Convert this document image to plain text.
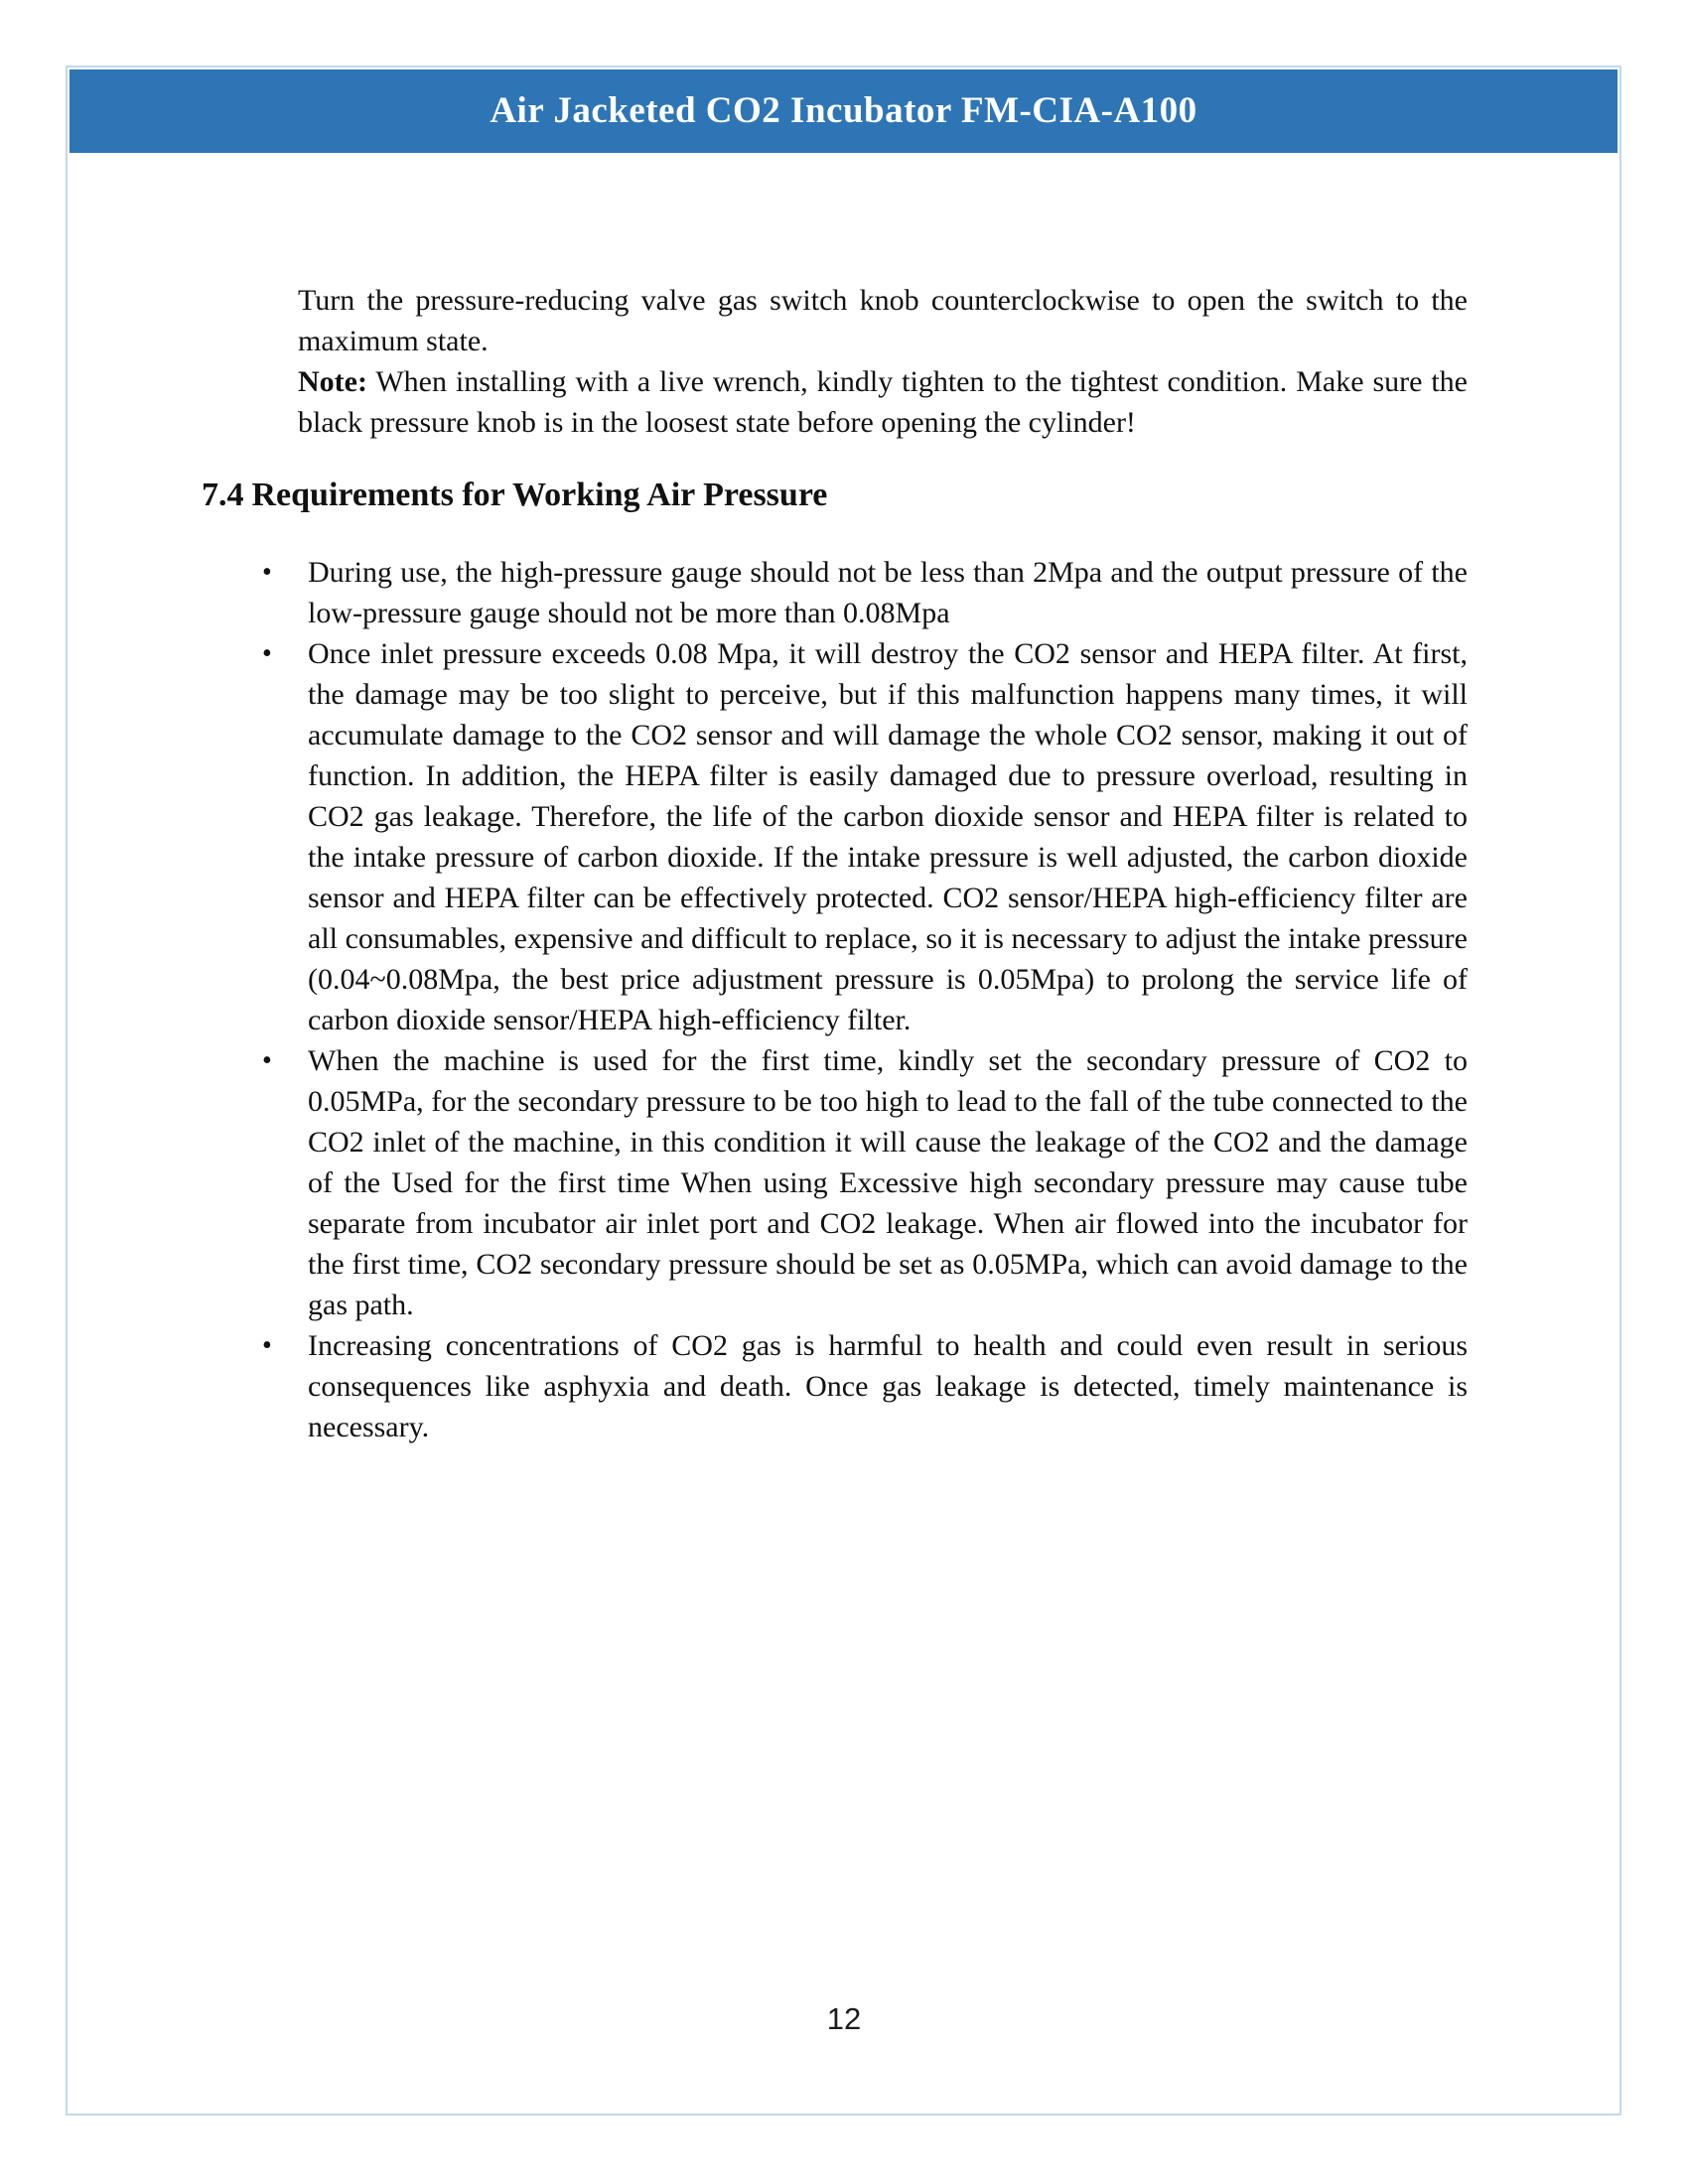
Air Jacketed CO2 Incubator FM-CIA-A100

Turn the pressure-reducing valve gas switch knob counterclockwise to open the switch to the maximum state.

Note: When installing with a live wrench, kindly tighten to the tightest condition. Make sure the black pressure knob is in the loosest state before opening the cylinder!

7.4 Requirements for Working Air Pressure
• During use, the high-pressure gauge should not be less than 2Mpa and the output pressure of the low-pressure gauge should not be more than 0.08Mpa
• Once inlet pressure exceeds 0.08 Mpa, it will destroy the CO2 sensor and HEPA filter. At first, the damage may be too slight to perceive, but if this malfunction happens many times, it will accumulate damage to the CO2 sensor and will damage the whole CO2 sensor, making it out of function. In addition, the HEPA filter is easily damaged due to pressure overload, resulting in CO2 gas leakage. Therefore, the life of the carbon dioxide sensor and HEPA filter is related to the intake pressure of carbon dioxide. If the intake pressure is well adjusted, the carbon dioxide sensor and HEPA filter can be effectively protected. CO2 sensor/HEPA high-efficiency filter are all consumables, expensive and difficult to replace, so it is necessary to adjust the intake pressure (0.04~0.08Mpa, the best price adjustment pressure is 0.05Mpa) to prolong the service life of carbon dioxide sensor/HEPA high-efficiency filter.
• When the machine is used for the first time, kindly set the secondary pressure of CO2 to 0.05MPa, for the secondary pressure to be too high to lead to the fall of the tube connected to the CO2 inlet of the machine, in this condition it will cause the leakage of the CO2 and the damage of the Used for the first time When using Excessive high secondary pressure may cause tube separate from incubator air inlet port and CO2 leakage. When air flowed into the incubator for the first time, CO2 secondary pressure should be set as 0.05MPa, which can avoid damage to the gas path.
• Increasing concentrations of CO2 gas is harmful to health and could even result in serious consequences like asphyxia and death. Once gas leakage is detected, timely maintenance is necessary.
12
